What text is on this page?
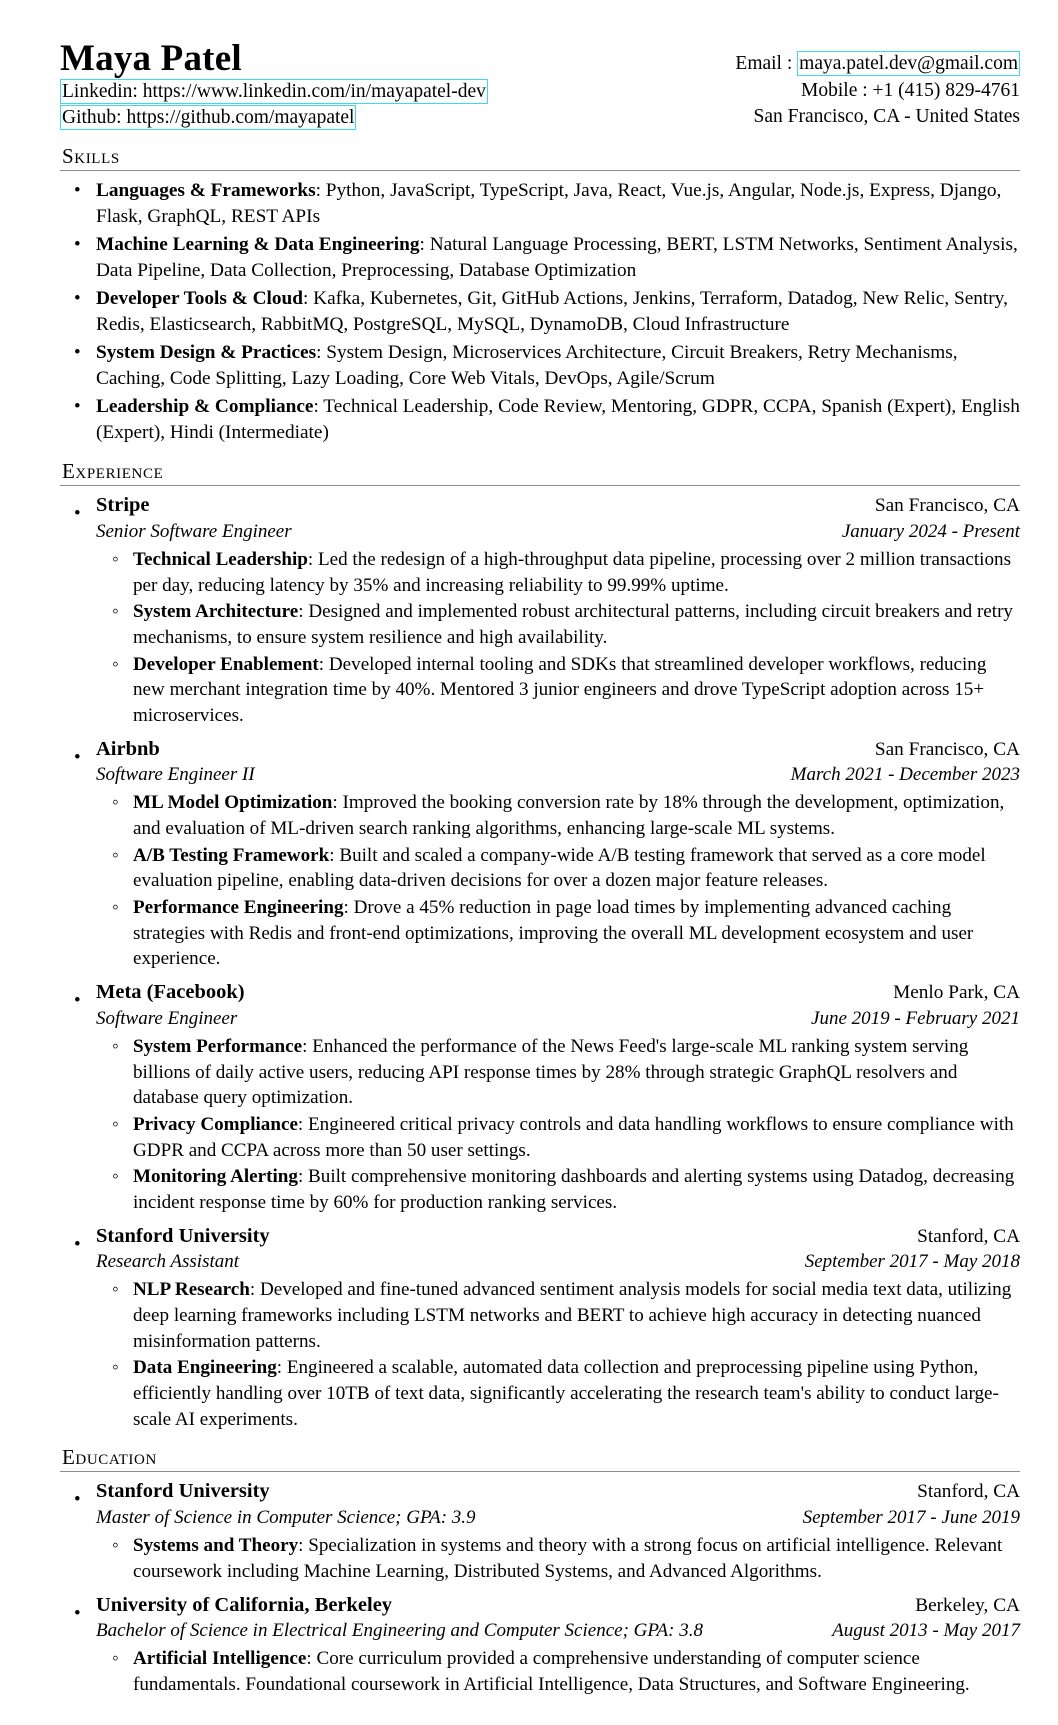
Maya Patel
Linkedin: https://www.linkedin.com/in/mayapatel-dev
Github: https://github.com/mayapatel
Email : maya.patel.dev@gmail.com
Mobile : +1 (415) 829-4761
San Francisco, CA - United States
Skills
• Languages & Frameworks: Python, JavaScript, TypeScript, Java, React, Vue.js, Angular, Node.js, Express, Django, Flask, GraphQL, REST APIs
• Machine Learning & Data Engineering: Natural Language Processing, BERT, LSTM Networks, Sentiment Analysis, Data Pipeline, Data Collection, Preprocessing, Database Optimization
• Developer Tools & Cloud: Kafka, Kubernetes, Git, GitHub Actions, Jenkins, Terraform, Datadog, New Relic, Sentry, Redis, Elasticsearch, RabbitMQ, PostgreSQL, MySQL, DynamoDB, Cloud Infrastructure
• System Design & Practices: System Design, Microservices Architecture, Circuit Breakers, Retry Mechanisms, Caching, Code Splitting, Lazy Loading, Core Web Vitals, DevOps, Agile/Scrum
• Leadership & Compliance: Technical Leadership, Code Review, Mentoring, GDPR, CCPA, Spanish (Expert), English (Expert), Hindi (Intermediate)
Experience
• Stripe	San Francisco, CA
Senior Software Engineer	January 2024 - Present
◦ Technical Leadership: Led the redesign of a high-throughput data pipeline, processing over 2 million transactions per day, reducing latency by 35% and increasing reliability to 99.99% uptime.
◦ System Architecture: Designed and implemented robust architectural patterns, including circuit breakers and retry mechanisms, to ensure system resilience and high availability.
◦ Developer Enablement: Developed internal tooling and SDKs that streamlined developer workflows, reducing new merchant integration time by 40%. Mentored 3 junior engineers and drove TypeScript adoption across 15+ microservices.
• Airbnb	San Francisco, CA
Software Engineer II	March 2021 - December 2023
◦ ML Model Optimization: Improved the booking conversion rate by 18% through the development, optimization, and evaluation of ML-driven search ranking algorithms, enhancing large-scale ML systems.
◦ A/B Testing Framework: Built and scaled a company-wide A/B testing framework that served as a core model evaluation pipeline, enabling data-driven decisions for over a dozen major feature releases.
◦ Performance Engineering: Drove a 45% reduction in page load times by implementing advanced caching strategies with Redis and front-end optimizations, improving the overall ML development ecosystem and user experience.
• Meta (Facebook)	Menlo Park, CA
Software Engineer	June 2019 - February 2021
◦ System Performance: Enhanced the performance of the News Feed's large-scale ML ranking system serving billions of daily active users, reducing API response times by 28% through strategic GraphQL resolvers and database query optimization.
◦ Privacy Compliance: Engineered critical privacy controls and data handling workflows to ensure compliance with GDPR and CCPA across more than 50 user settings.
◦ Monitoring Alerting: Built comprehensive monitoring dashboards and alerting systems using Datadog, decreasing incident response time by 60% for production ranking services.
• Stanford University	Stanford, CA
Research Assistant	September 2017 - May 2018
◦ NLP Research: Developed and fine-tuned advanced sentiment analysis models for social media text data, utilizing deep learning frameworks including LSTM networks and BERT to achieve high accuracy in detecting nuanced misinformation patterns.
◦ Data Engineering: Engineered a scalable, automated data collection and preprocessing pipeline using Python, efficiently handling over 10TB of text data, significantly accelerating the research team's ability to conduct large-scale AI experiments.
Education
• Stanford University	Stanford, CA
Master of Science in Computer Science; GPA: 3.9	September 2017 - June 2019
◦ Systems and Theory: Specialization in systems and theory with a strong focus on artificial intelligence. Relevant coursework including Machine Learning, Distributed Systems, and Advanced Algorithms.
• University of California, Berkeley	Berkeley, CA
Bachelor of Science in Electrical Engineering and Computer Science; GPA: 3.8	August 2013 - May 2017
◦ Artificial Intelligence: Core curriculum provided a comprehensive understanding of computer science fundamentals. Foundational coursework in Artificial Intelligence, Data Structures, and Software Engineering.
